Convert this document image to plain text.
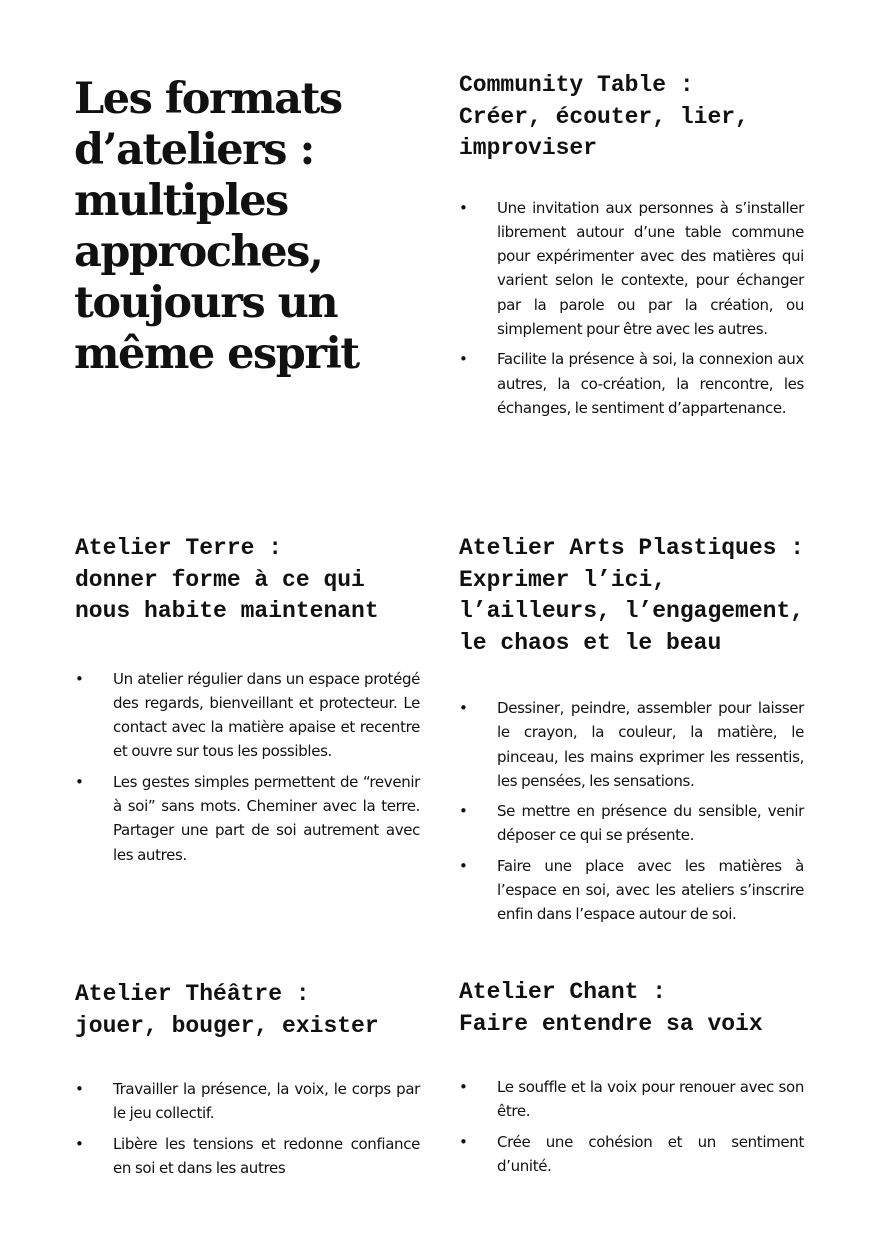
Les formats
d’ateliers :
multiples
approches,
toujours un
même esprit
Community Table :
Créer, écouter, lier,
improviser
•	Une invitation aux personnes à s’installer librement autour d’une table commune pour expérimenter avec des matières qui varient selon le contexte, pour échanger par la parole ou par la création, ou simplement pour être avec les autres.
•	Facilite la présence à soi, la connexion aux autres, la co-création, la rencontre, les échanges, le sentiment d’appartenance.
Atelier Terre :
donner forme à ce qui
nous habite maintenant
•	Un atelier régulier dans un espace protégé des regards, bienveillant et protecteur. Le contact avec la matière apaise et recentre et ouvre sur tous les possibles.
•	Les gestes simples permettent de “revenir à soi” sans mots. Cheminer avec la terre. Partager une part de soi autrement avec les autres.
Atelier Arts Plastiques :
Exprimer l’ici,
l’ailleurs, l’engagement,
le chaos et le beau
•	Dessiner, peindre, assembler pour laisser le crayon, la couleur, la matière, le pinceau, les mains exprimer les ressentis, les pensées, les sensations.
•	Se mettre en présence du sensible, venir déposer ce qui se présente.
•	Faire une place avec les matières à l’espace en soi, avec les ateliers s’inscrire enfin dans l’espace autour de soi.
Atelier Théâtre :
jouer, bouger, exister
•	Travailler la présence, la voix, le corps par le jeu collectif.
•	Libère les tensions et redonne confiance en soi et dans les autres
Atelier Chant :
Faire entendre sa voix
•	Le souffle et la voix pour renouer avec son être.
•	Crée une cohésion et un sentiment d’unité.
